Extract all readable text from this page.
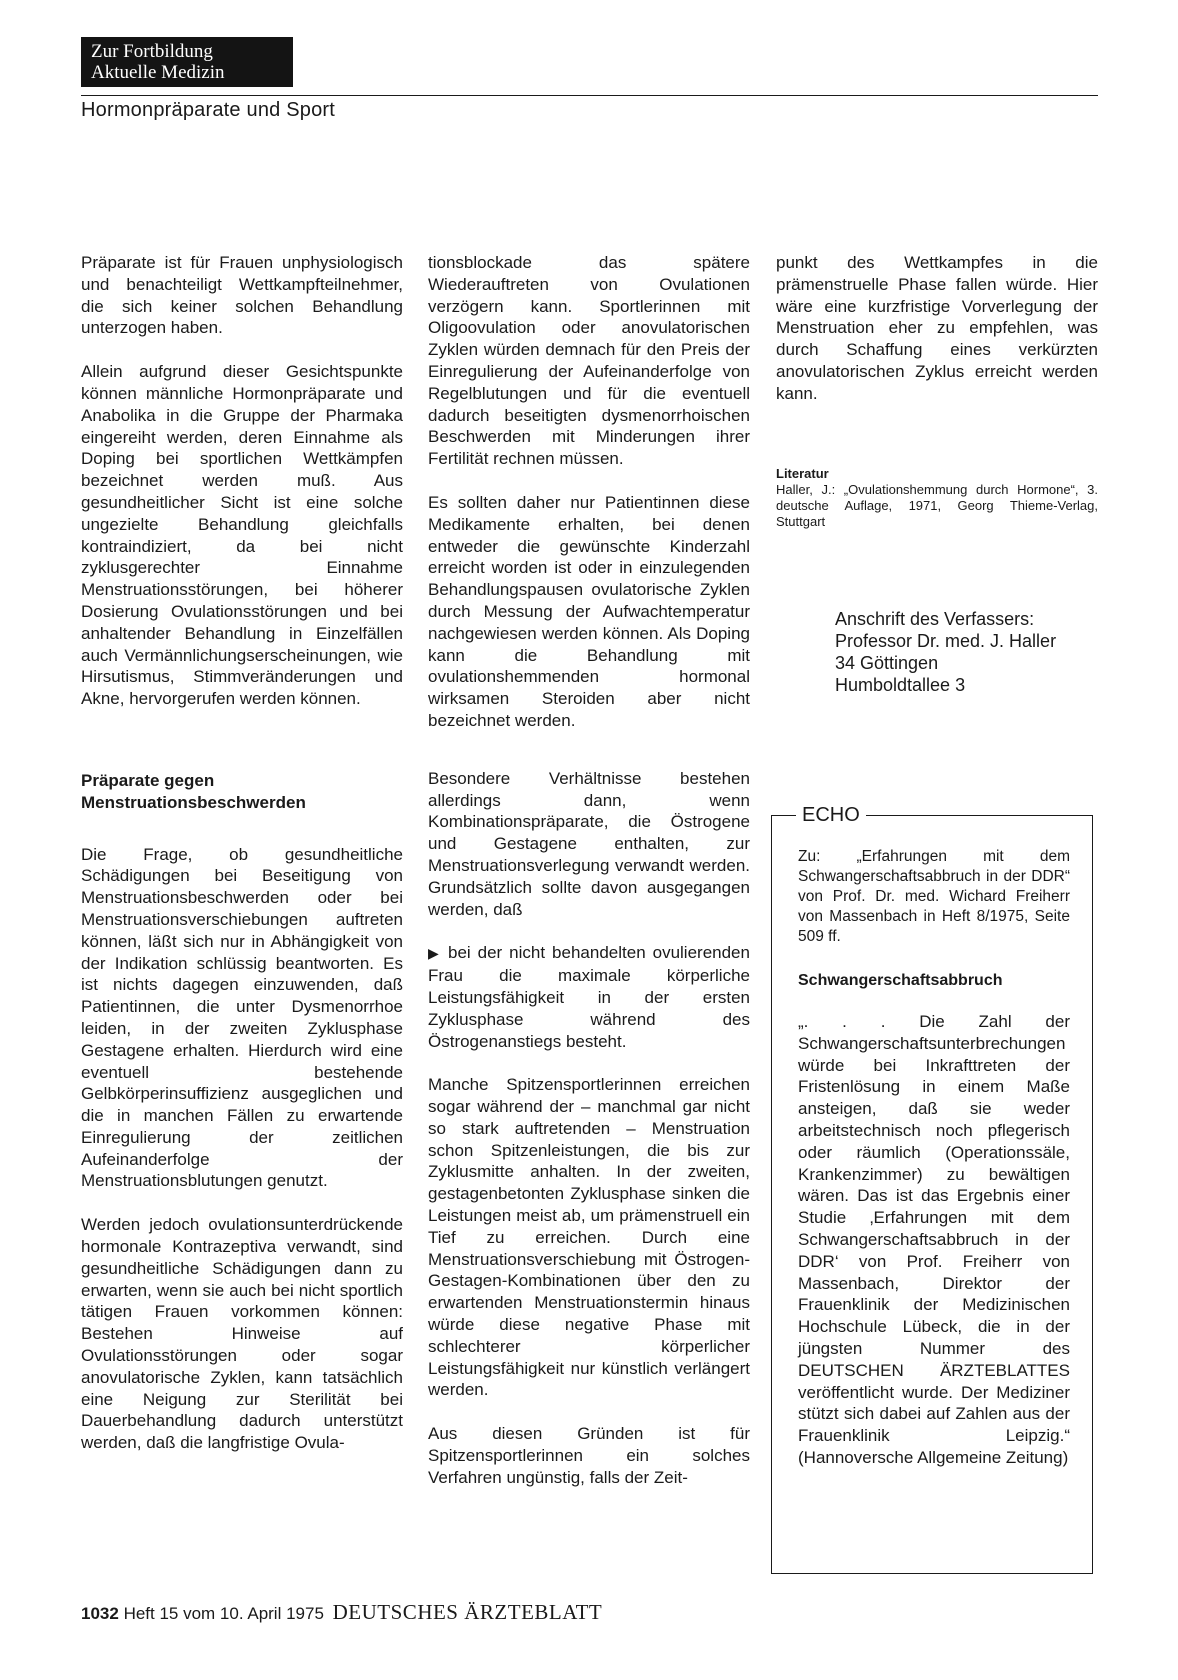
Zur Fortbildung
Aktuelle Medizin
Hormonpräparate und Sport

Präparate ist für Frauen unphysiologisch und benachteiligt Wettkampfteilnehmer, die sich keiner solchen Behandlung unterzogen haben.

Allein aufgrund dieser Gesichtspunkte können männliche Hormonpräparate und Anabolika in die Gruppe der Pharmaka eingereiht werden, deren Einnahme als Doping bei sportlichen Wettkämpfen bezeichnet werden muß. Aus gesundheitlicher Sicht ist eine solche ungezielte Behandlung gleichfalls kontraindiziert, da bei nicht zyklusgerechter Einnahme Menstruationsstörungen, bei höherer Dosierung Ovulationsstörungen und bei anhaltender Behandlung in Einzelfällen auch Vermännlichungserscheinungen, wie Hirsutismus, Stimmveränderungen und Akne, hervorgerufen werden können.

Präparate gegen
Menstruationsbeschwerden

Die Frage, ob gesundheitliche Schädigungen bei Beseitigung von Menstruationsbeschwerden oder bei Menstruationsverschiebungen auftreten können, läßt sich nur in Abhängigkeit von der Indikation schlüssig beantworten. Es ist nichts dagegen einzuwenden, daß Patientinnen, die unter Dysmenorrhoe leiden, in der zweiten Zyklusphase Gestagene erhalten. Hierdurch wird eine eventuell bestehende Gelbkörperinsuffizienz ausgeglichen und die in manchen Fällen zu erwartende Einregulierung der zeitlichen Aufeinanderfolge der Menstruationsblutungen genutzt.

Werden jedoch ovulationsunterdrückende hormonale Kontrazeptiva verwandt, sind gesundheitliche Schädigungen dann zu erwarten, wenn sie auch bei nicht sportlich tätigen Frauen vorkommen können: Bestehen Hinweise auf Ovulationsstörungen oder sogar anovulatorische Zyklen, kann tatsächlich eine Neigung zur Sterilität bei Dauerbehandlung dadurch unterstützt werden, daß die langfristige Ovula-

tionsblockade das spätere Wiederauftreten von Ovulationen verzögern kann. Sportlerinnen mit Oligoovulation oder anovulatorischen Zyklen würden demnach für den Preis der Einregulierung der Aufeinanderfolge von Regelblutungen und für die eventuell dadurch beseitigten dysmenorrhoischen Beschwerden mit Minderungen ihrer Fertilität rechnen müssen.

Es sollten daher nur Patientinnen diese Medikamente erhalten, bei denen entweder die gewünschte Kinderzahl erreicht worden ist oder in einzulegenden Behandlungspausen ovulatorische Zyklen durch Messung der Aufwachtemperatur nachgewiesen werden können. Als Doping kann die Behandlung mit ovulationshemmenden hormonal wirksamen Steroiden aber nicht bezeichnet werden.

Besondere Verhältnisse bestehen allerdings dann, wenn Kombinationspräparate, die Östrogene und Gestagene enthalten, zur Menstruationsverlegung verwandt werden. Grundsätzlich sollte davon ausgegangen werden, daß

▶ bei der nicht behandelten ovulierenden Frau die maximale körperliche Leistungsfähigkeit in der ersten Zyklusphase während des Östrogenanstiegs besteht.

Manche Spitzensportlerinnen erreichen sogar während der – manchmal gar nicht so stark auftretenden – Menstruation schon Spitzenleistungen, die bis zur Zyklusmitte anhalten. In der zweiten, gestagenbetonten Zyklusphase sinken die Leistungen meist ab, um prämenstruell ein Tief zu erreichen. Durch eine Menstruationsverschiebung mit Östrogen-Gestagen-Kombinationen über den zu erwartenden Menstruationstermin hinaus würde diese negative Phase mit schlechterer körperlicher Leistungsfähigkeit nur künstlich verlängert werden.

Aus diesen Gründen ist für Spitzensportlerinnen ein solches Verfahren ungünstig, falls der Zeit-

punkt des Wettkampfes in die prämenstruelle Phase fallen würde. Hier wäre eine kurzfristige Vorverlegung der Menstruation eher zu empfehlen, was durch Schaffung eines verkürzten anovulatorischen Zyklus erreicht werden kann.

Literatur

Haller, J.: „Ovulationshemmung durch Hormone“, 3. deutsche Auflage, 1971, Georg Thieme-Verlag, Stuttgart

Anschrift des Verfassers:
Professor Dr. med. J. Haller
34 Göttingen
Humboldtallee 3
ECHO

Zu: „Erfahrungen mit dem Schwangerschaftsabbruch in der DDR“ von Prof. Dr. med. Wichard Freiherr von Massenbach in Heft 8/1975, Seite 509 ff.

Schwangerschaftsabbruch

„. . . Die Zahl der Schwangerschaftsunterbrechungen würde bei Inkrafttreten der Fristenlösung in einem Maße ansteigen, daß sie weder arbeitstechnisch noch pflegerisch oder räumlich (Operationssäle, Krankenzimmer) zu bewältigen wären. Das ist das Ergebnis einer Studie ‚Erfahrungen mit dem Schwangerschaftsabbruch in der DDR‘ von Prof. Freiherr von Massenbach, Direktor der Frauenklinik der Medizinischen Hochschule Lübeck, die in der jüngsten Nummer des DEUTSCHEN ÄRZTEBLATTES veröffentlicht wurde. Der Mediziner stützt sich dabei auf Zahlen aus der Frauenklinik Leipzig.“ (Hannoversche Allgemeine Zeitung)

1032 Heft 15 vom 10. April 1975 DEUTSCHES ÄRZTEBLATT
